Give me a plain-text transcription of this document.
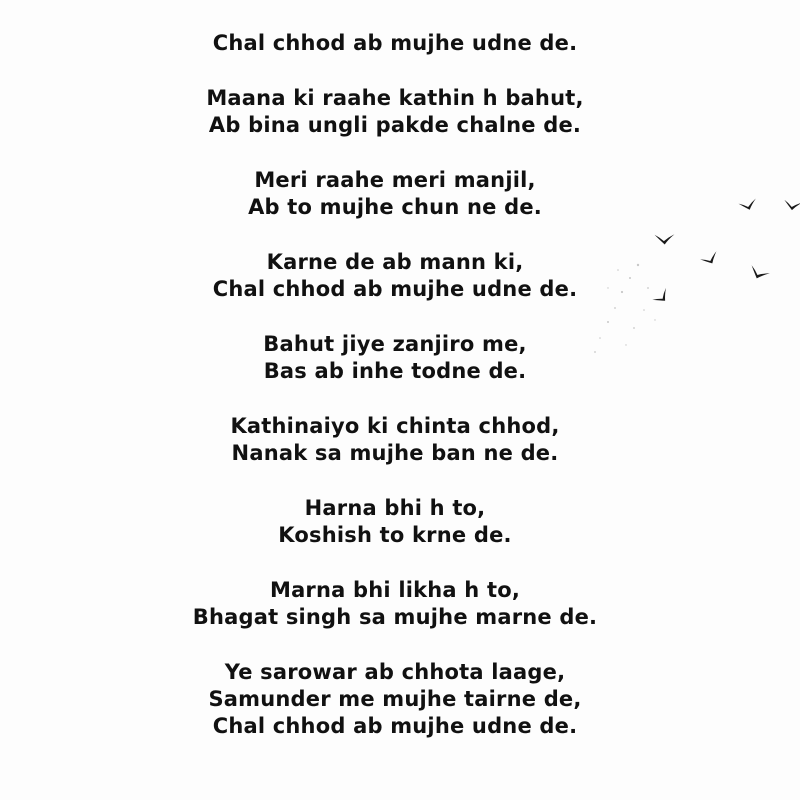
Chal chhod ab mujhe udne de.
Maana ki raahe kathin h bahut,
Ab bina ungli pakde chalne de.
Meri raahe meri manjil,
Ab to mujhe chun ne de.
Karne de ab mann ki,
Chal chhod ab mujhe udne de.
Bahut jiye zanjiro me,
Bas ab inhe todne de.
Kathinaiyo ki chinta chhod,
Nanak sa mujhe ban ne de.
Harna bhi h to,
Koshish to krne de.
Marna bhi likha h to,
Bhagat singh sa mujhe marne de.
Ye sarowar ab chhota laage,
Samunder me mujhe tairne de,
Chal chhod ab mujhe udne de.
